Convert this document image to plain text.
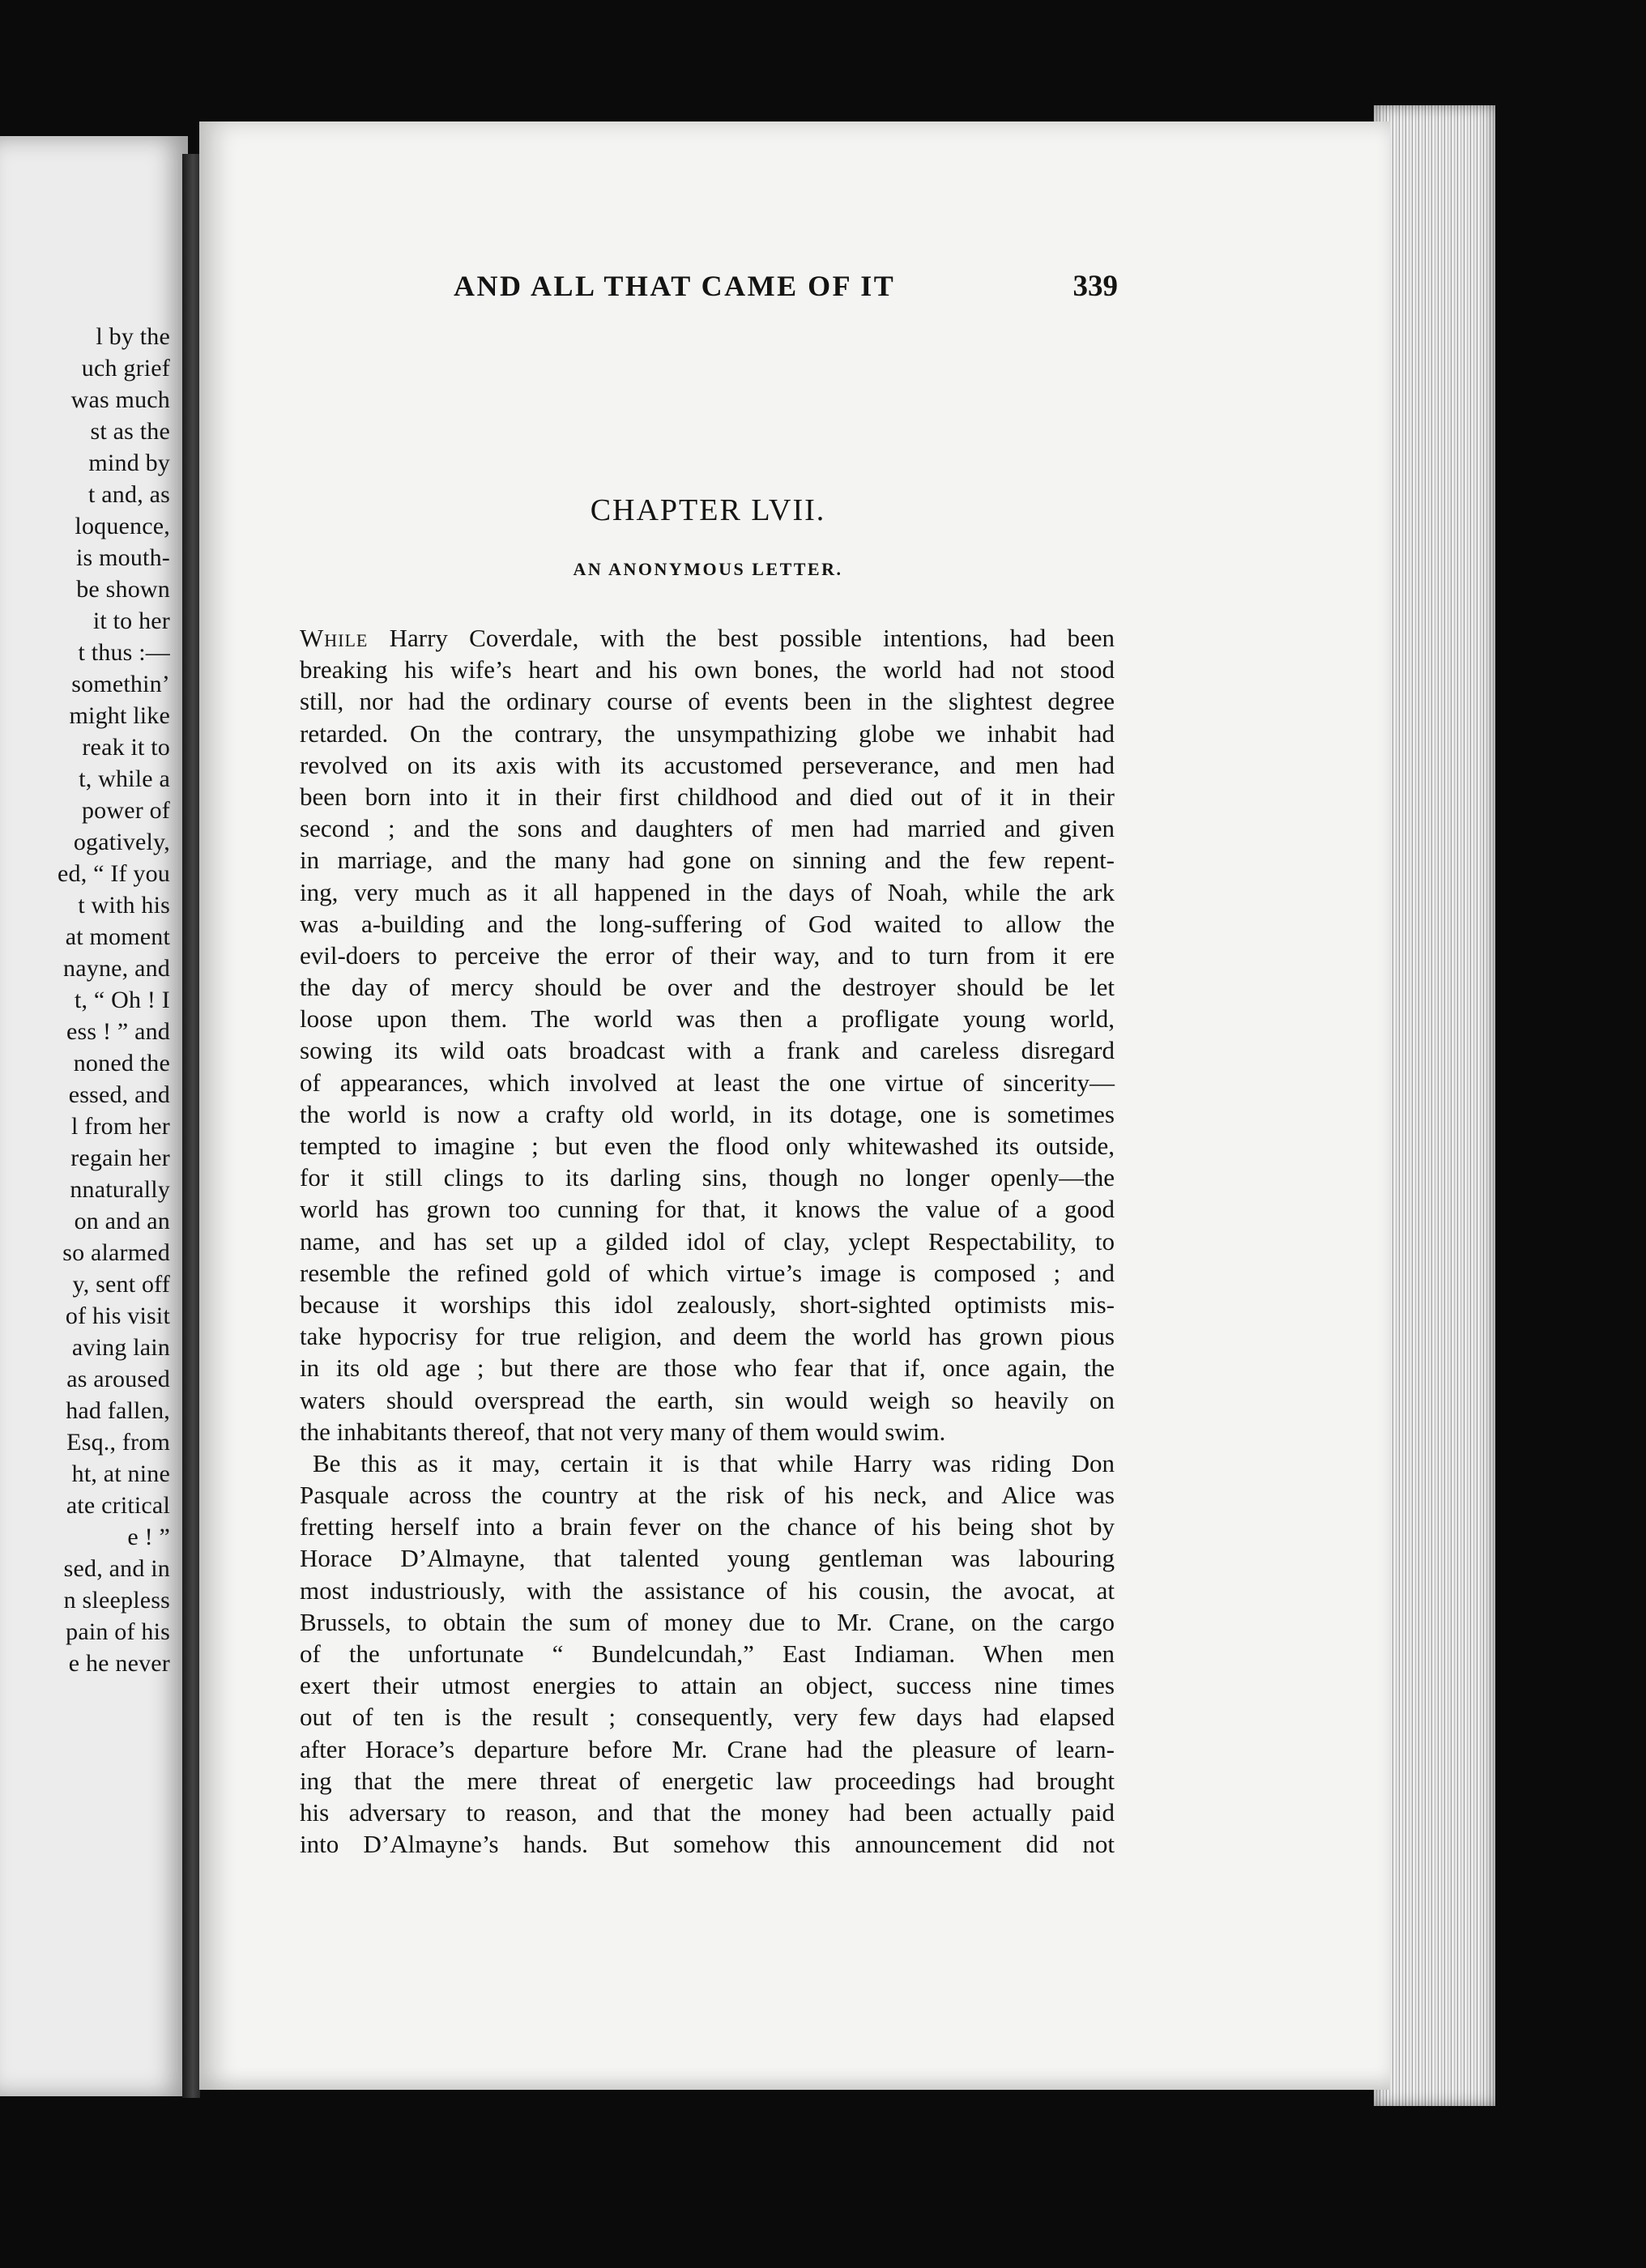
l by the
uch grief
was much
st as the
mind by
t and, as
loquence,
is mouth-
be shown
it to her
t thus :—
somethin’
might like
reak it to
t, while a
power of
ogatively,
ed, “ If you
t with his
at moment
nayne, and
t, “ Oh ! I
ess ! ” and
noned the
essed, and
l from her
regain her
nnaturally
on and an
so alarmed
y, sent off
of his visit
aving lain
as aroused
had fallen,
Esq., from
ht, at nine
ate critical
e ! ”
sed, and in
n sleepless
pain of his
e he never
AND ALL THAT CAME OF IT	339
CHAPTER LVII.
AN ANONYMOUS LETTER.
While Harry Coverdale, with the best possible intentions, had been
breaking his wife’s heart and his own bones, the world had not stood
still, nor had the ordinary course of events been in the slightest degree
retarded. On the contrary, the unsympathizing globe we inhabit had
revolved on its axis with its accustomed perseverance, and men had
been born into it in their first childhood and died out of it in their
second ; and the sons and daughters of men had married and given
in marriage, and the many had gone on sinning and the few repent-
ing, very much as it all happened in the days of Noah, while the ark
was a-building and the long-suffering of God waited to allow the
evil-doers to perceive the error of their way, and to turn from it ere
the day of mercy should be over and the destroyer should be let
loose upon them. The world was then a profligate young world,
sowing its wild oats broadcast with a frank and careless disregard
of appearances, which involved at least the one virtue of sincerity—
the world is now a crafty old world, in its dotage, one is sometimes
tempted to imagine ; but even the flood only whitewashed its outside,
for it still clings to its darling sins, though no longer openly—the
world has grown too cunning for that, it knows the value of a good
name, and has set up a gilded idol of clay, yclept Respectability, to
resemble the refined gold of which virtue’s image is composed ; and
because it worships this idol zealously, short-sighted optimists mis-
take hypocrisy for true religion, and deem the world has grown pious
in its old age ; but there are those who fear that if, once again, the
waters should overspread the earth, sin would weigh so heavily on
the inhabitants thereof, that not very many of them would swim.
Be this as it may, certain it is that while Harry was riding Don
Pasquale across the country at the risk of his neck, and Alice was
fretting herself into a brain fever on the chance of his being shot by
Horace D’Almayne, that talented young gentleman was labouring
most industriously, with the assistance of his cousin, the avocat, at
Brussels, to obtain the sum of money due to Mr. Crane, on the cargo
of the unfortunate “ Bundelcundah,” East Indiaman. When men
exert their utmost energies to attain an object, success nine times
out of ten is the result ; consequently, very few days had elapsed
after Horace’s departure before Mr. Crane had the pleasure of learn-
ing that the mere threat of energetic law proceedings had brought
his adversary to reason, and that the money had been actually paid
into D’Almayne’s hands. But somehow this announcement did not
